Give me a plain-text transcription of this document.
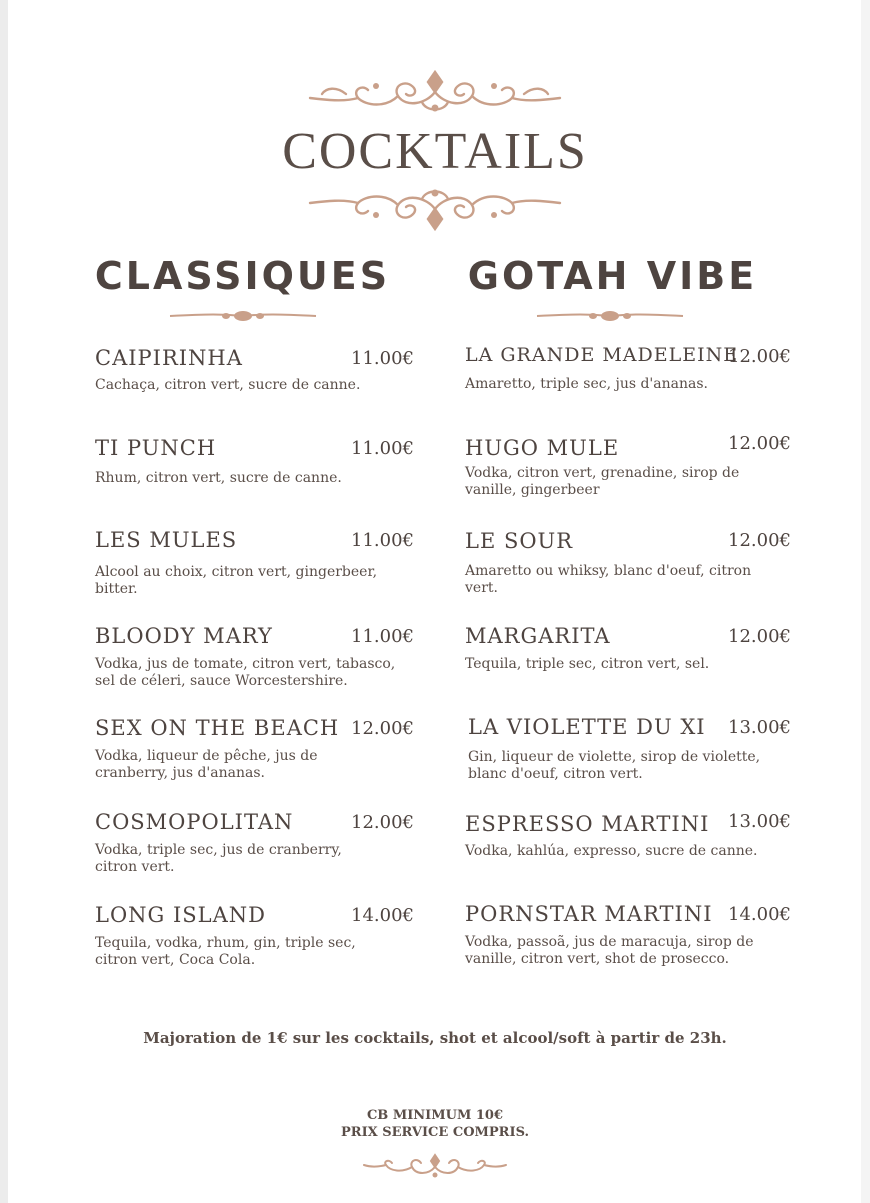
COCKTAILS
CLASSIQUES GOTAH VIBE
CAIPIRINHA	11.00€
Cachaça, citron vert, sucre de canne.
TI PUNCH	11.00€
Rhum, citron vert, sucre de canne.
LES MULES	11.00€
Alcool au choix, citron vert, gingerbeer, bitter.
BLOODY MARY	11.00€
Vodka, jus de tomate, citron vert, tabasco, sel de céleri, sauce Worcestershire.
SEX ON THE BEACH 12.00€
Vodka, liqueur de pêche, jus de cranberry, jus d'ananas.
COSMOPOLITAN	12.00€
Vodka, triple sec, jus de cranberry, citron vert.
LONG ISLAND	14.00€
Tequila, vodka, rhum, gin, triple sec, citron vert, Coca Cola.
LA GRANDE MADELEINE
12.00€
Amaretto, triple sec, jus d'ananas.
HUGO MULE	12.00€
Vodka, citron vert, grenadine, sirop de vanille, gingerbeer
LE SOUR	12.00€
Amaretto ou whiksy, blanc d'oeuf, citron vert.
MARGARITA	12.00€
Tequila, triple sec, citron vert, sel.
LA VIOLETTE DU XI	13.00€
Gin, liqueur de violette, sirop de violette, blanc d'oeuf, citron vert.
ESPRESSO MARTINI	13.00€
Vodka, kahlúa, expresso, sucre de canne.
PORNSTAR MARTINI 14.00€
Vodka, passoã, jus de maracuja, sirop de vanille, citron vert, shot de prosecco.
Majoration de 1€ sur les cocktails, shot et alcool/soft à partir de 23h.
CB MINIMUM 10€
PRIX SERVICE COMPRIS.
